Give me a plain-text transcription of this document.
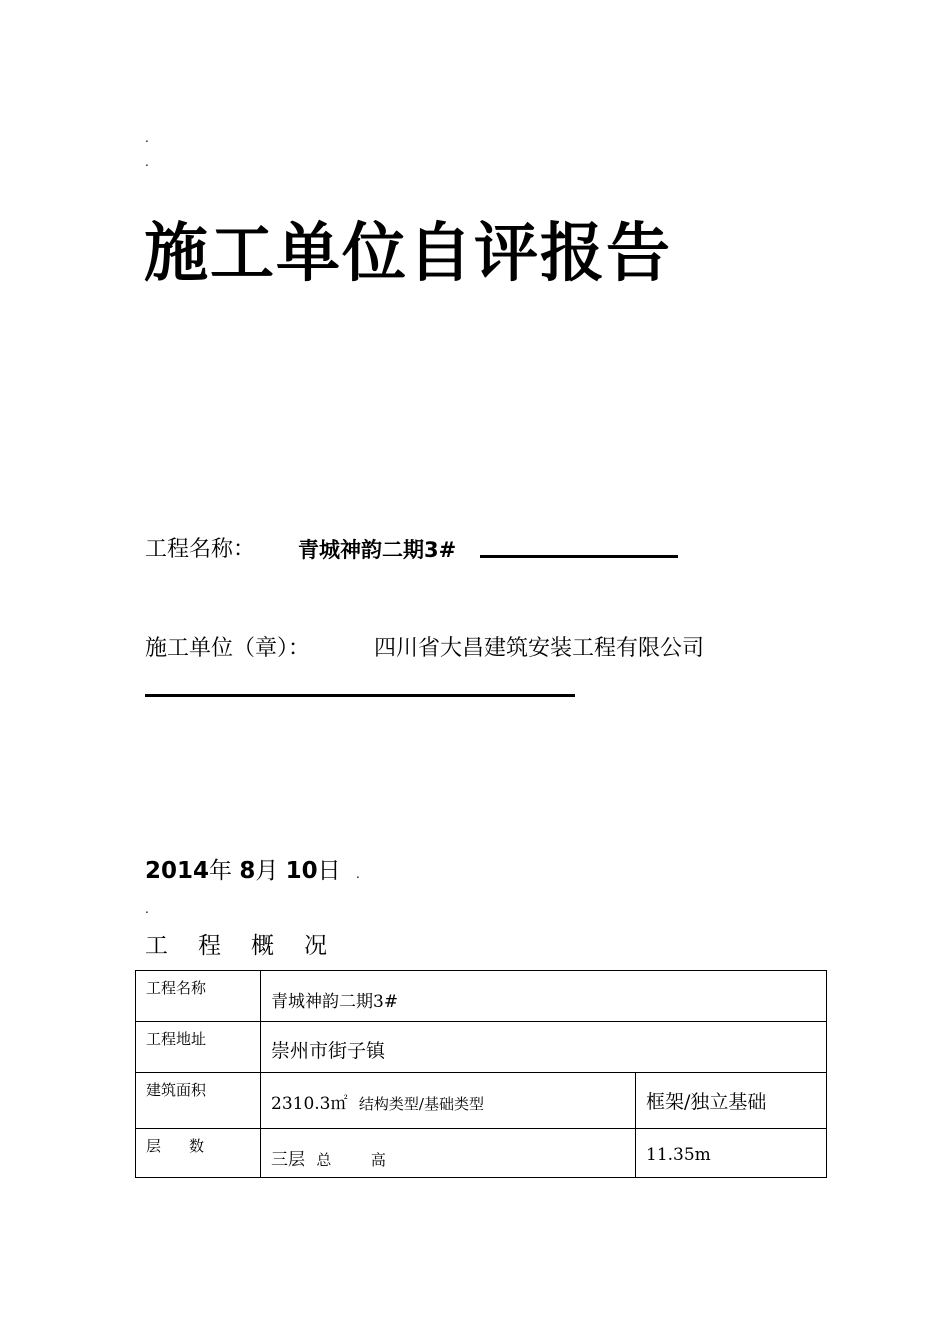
.
.
施工单位自评报告
工程名称： 青城神韵二期3#
施工单位（章）：	四川省大昌建筑安装工程有限公司
2014年 8月 10日 .
.
工程概况
工程名称	青城神韵二期3#	
工程地址	崇州市街子镇	
建筑面积	2310.3㎡ 结构类型/基础类型	框架/独立基础
层数	三层 总 高	11.35m
